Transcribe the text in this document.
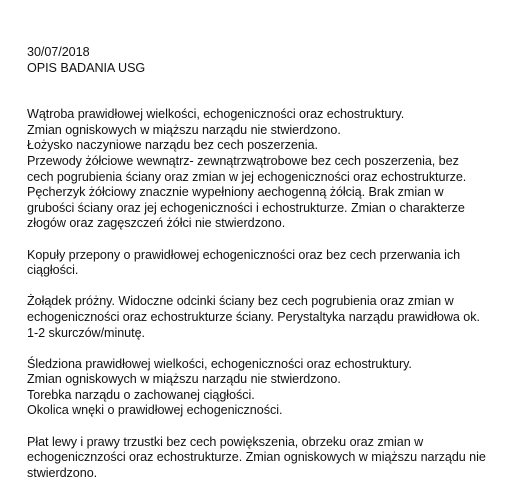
30/07/2018
OPIS BADANIA USG
Wątroba prawidłowej wielkości, echogeniczności oraz echostruktury.
Zmian ogniskowych w miąższu narządu nie stwierdzono.
Łożysko naczyniowe narządu bez cech poszerzenia.
Przewody żółciowe wewnątrz- zewnątrzwątrobowe bez cech poszerzenia, bez
cech pogrubienia ściany oraz zmian w jej echogeniczności oraz echostrukturze.
Pęcherzyk żółciowy znacznie wypełniony aechogenną żółcią. Brak zmian w
grubości ściany oraz jej echogeniczności i echostrukturze. Zmian o charakterze
złogów oraz zagęszczeń żółci nie stwierdzono.
Kopuły przepony o prawidłowej echogeniczności oraz bez cech przerwania ich
ciągłości.
Żołądek próżny. Widoczne odcinki ściany bez cech pogrubienia oraz zmian w
echogeniczności oraz echostrukturze ściany. Perystaltyka narządu prawidłowa ok.
1-2 skurczów/minutę.
Śledziona prawidłowej wielkości, echogeniczności oraz echostruktury.
Zmian ogniskowych w miąższu narządu nie stwierdzono.
Torebka narządu o zachowanej ciągłości.
Okolica wnęki o prawidłowej echogeniczności.
Płat lewy i prawy trzustki bez cech powiększenia, obrzeku oraz zmian w
echogenicznzości oraz echostrukturze. Zmian ogniskowych w miąższu narządu nie
stwierdzono.
